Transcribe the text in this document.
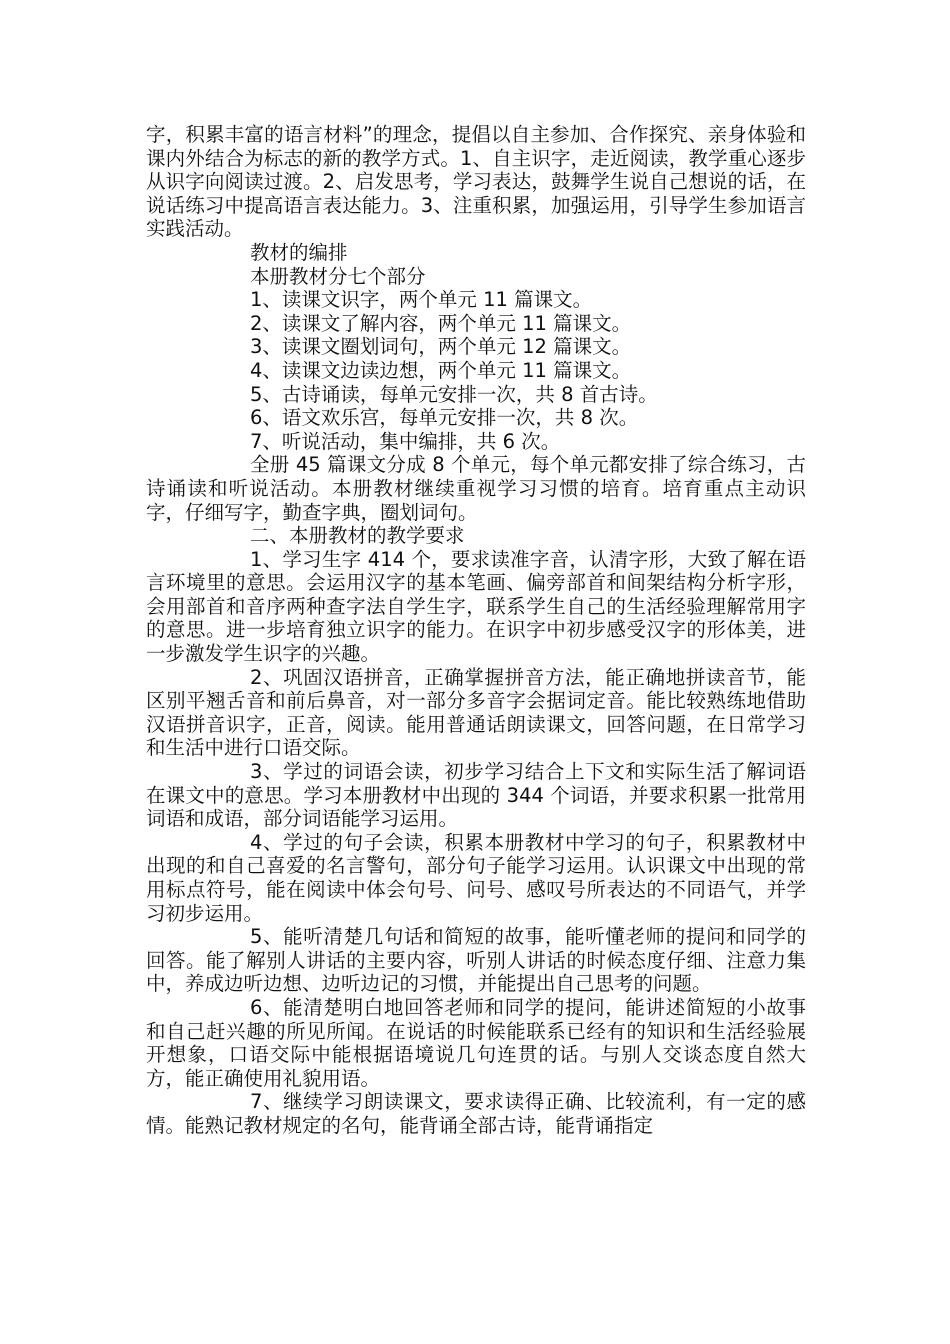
字，积累丰富的语言材料”的理念，提倡以自主参加、合作探究、亲身体验和课内外结合为标志的新的教学方式。1、自主识字，走近阅读，教学重心逐步从识字向阅读过渡。2、启发思考，学习表达，鼓舞学生说自己想说的话，在说话练习中提高语言表达能力。3、注重积累，加强运用，引导学生参加语言实践活动。

教材的编排

本册教材分七个部分

1、读课文识字，两个单元 11 篇课文。

2、读课文了解内容，两个单元 11 篇课文。

3、读课文圈划词句，两个单元 12 篇课文。

4、读课文边读边想，两个单元 11 篇课文。

5、古诗诵读，每单元安排一次，共 8 首古诗。

6、语文欢乐宫，每单元安排一次，共 8 次。

7、听说活动，集中编排，共 6 次。

全册 45 篇课文分成 8 个单元，每个单元都安排了综合练习，古诗诵读和听说活动。本册教材继续重视学习习惯的培育。培育重点主动识字，仔细写字，勤查字典，圈划词句。

二、本册教材的教学要求

1、学习生字 414 个，要求读准字音，认清字形，大致了解在语言环境里的意思。会运用汉字的基本笔画、偏旁部首和间架结构分析字形，会用部首和音序两种查字法自学生字，联系学生自己的生活经验理解常用字的意思。进一步培育独立识字的能力。在识字中初步感受汉字的形体美，进一步激发学生识字的兴趣。

2、巩固汉语拼音，正确掌握拼音方法，能正确地拼读音节，能区别平翘舌音和前后鼻音，对一部分多音字会据词定音。能比较熟练地借助汉语拼音识字，正音，阅读。能用普通话朗读课文，回答问题，在日常学习和生活中进行口语交际。

3、学过的词语会读，初步学习结合上下文和实际生活了解词语在课文中的意思。学习本册教材中出现的 344 个词语，并要求积累一批常用词语和成语，部分词语能学习运用。

4、学过的句子会读，积累本册教材中学习的句子，积累教材中出现的和自己喜爱的名言警句，部分句子能学习运用。认识课文中出现的常用标点符号，能在阅读中体会句号、问号、感叹号所表达的不同语气，并学习初步运用。

5、能听清楚几句话和简短的故事，能听懂老师的提问和同学的回答。能了解别人讲话的主要内容，听别人讲话的时候态度仔细、注意力集中，养成边听边想、边听边记的习惯，并能提出自己思考的问题。

6、能清楚明白地回答老师和同学的提问，能讲述简短的小故事和自己赶兴趣的所见所闻。在说话的时候能联系已经有的知识和生活经验展开想象，口语交际中能根据语境说几句连贯的话。与别人交谈态度自然大方，能正确使用礼貌用语。

7、继续学习朗读课文，要求读得正确、比较流利，有一定的感情。能熟记教材规定的名句，能背诵全部古诗，能背诵指定
